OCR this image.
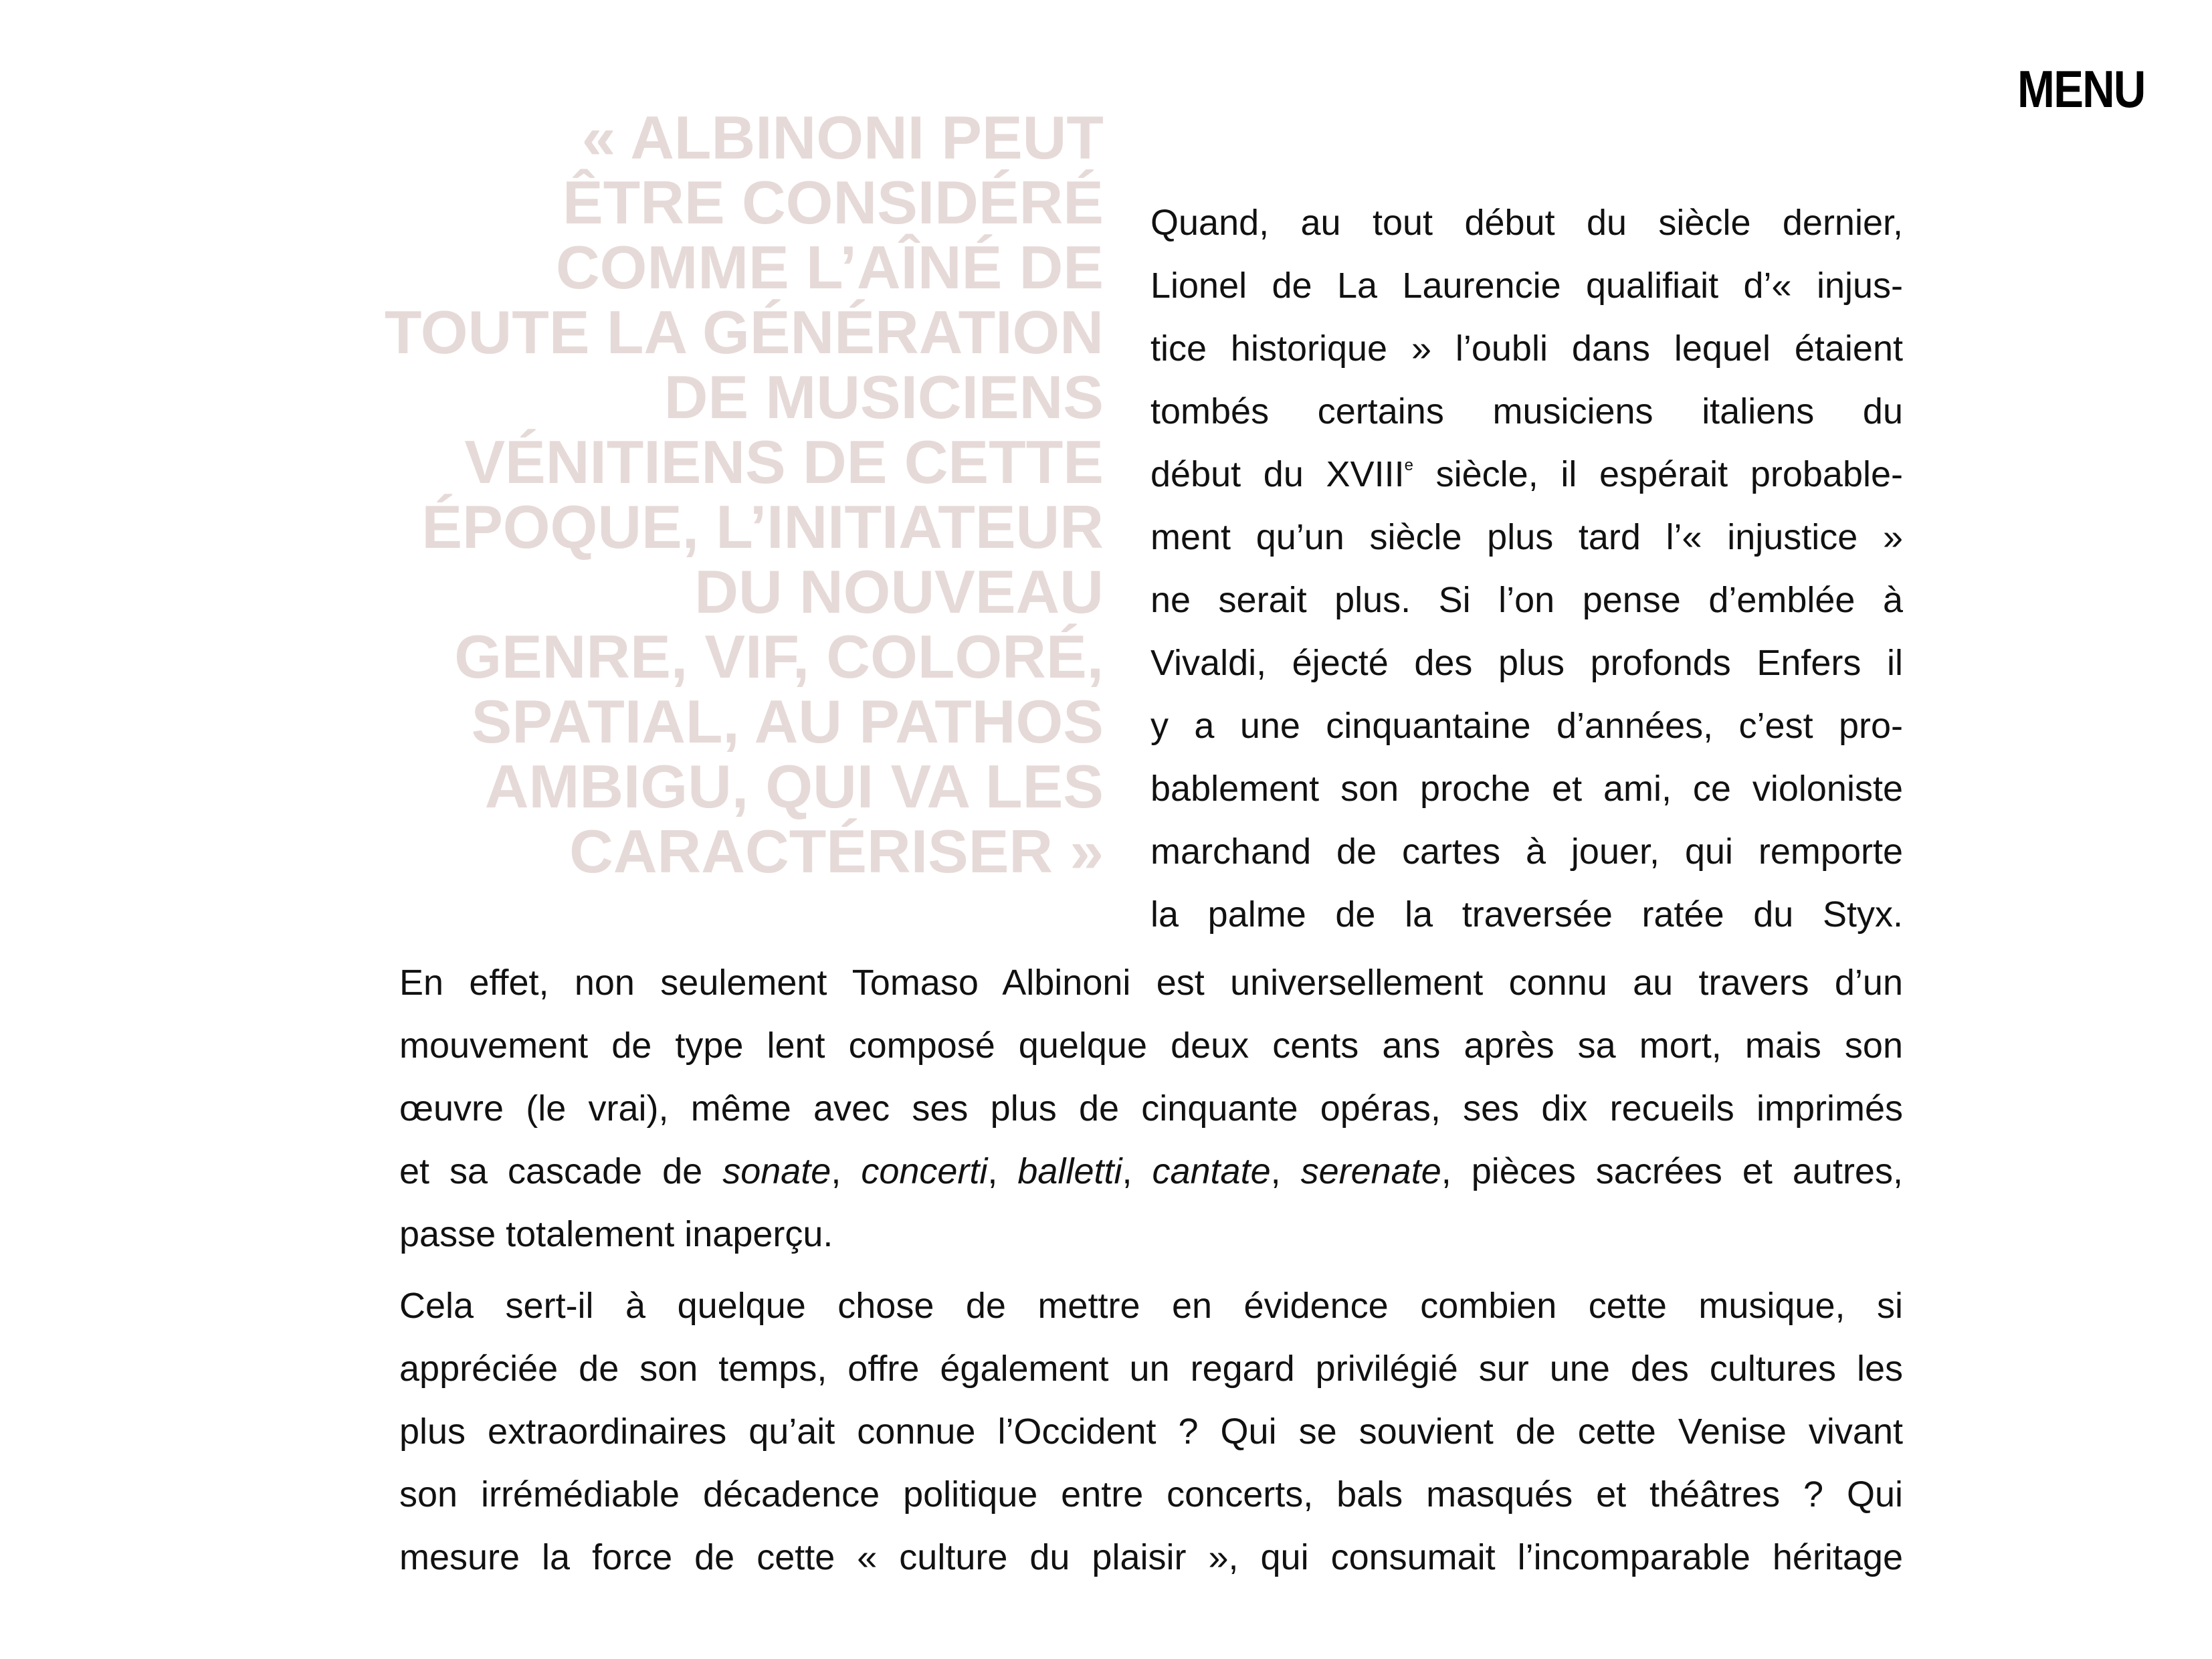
MENU
« ALBINONI PEUT
ÊTRE CONSIDÉRÉ
COMME L’AÎNÉ DE
TOUTE LA GÉNÉRATION
DE MUSICIENS
VÉNITIENS DE CETTE
ÉPOQUE, L’INITIATEUR
DU NOUVEAU
GENRE, VIF, COLORÉ,
SPATIAL, AU PATHOS
AMBIGU, QUI VA LES
CARACTÉRISER »
Quand, au tout début du siècle dernier,
Lionel de La Laurencie qualifiait d’« injus-
tice historique » l’oubli dans lequel étaient
tombés certains musiciens italiens du
début du XVIIIe siècle, il espérait probable-
ment qu’un siècle plus tard l’« injustice »
ne serait plus. Si l’on pense d’emblée à
Vivaldi, éjecté des plus profonds Enfers il
y a une cinquantaine d’années, c’est pro-
bablement son proche et ami, ce violoniste
marchand de cartes à jouer, qui remporte
la palme de la traversée ratée du Styx.
En effet, non seulement Tomaso Albinoni est universellement connu au travers d’un
mouvement de type lent composé quelque deux cents ans après sa mort, mais son
œuvre (le vrai), même avec ses plus de cinquante opéras, ses dix recueils imprimés
et sa cascade de sonate, concerti, balletti, cantate, serenate, pièces sacrées et autres,
passe totalement inaperçu.
Cela sert-il à quelque chose de mettre en évidence combien cette musique, si
appréciée de son temps, offre également un regard privilégié sur une des cultures les
plus extraordinaires qu’ait connue l’Occident ? Qui se souvient de cette Venise vivant
son irrémédiable décadence politique entre concerts, bals masqués et théâtres ? Qui
mesure la force de cette « culture du plaisir », qui consumait l’incomparable héritage
